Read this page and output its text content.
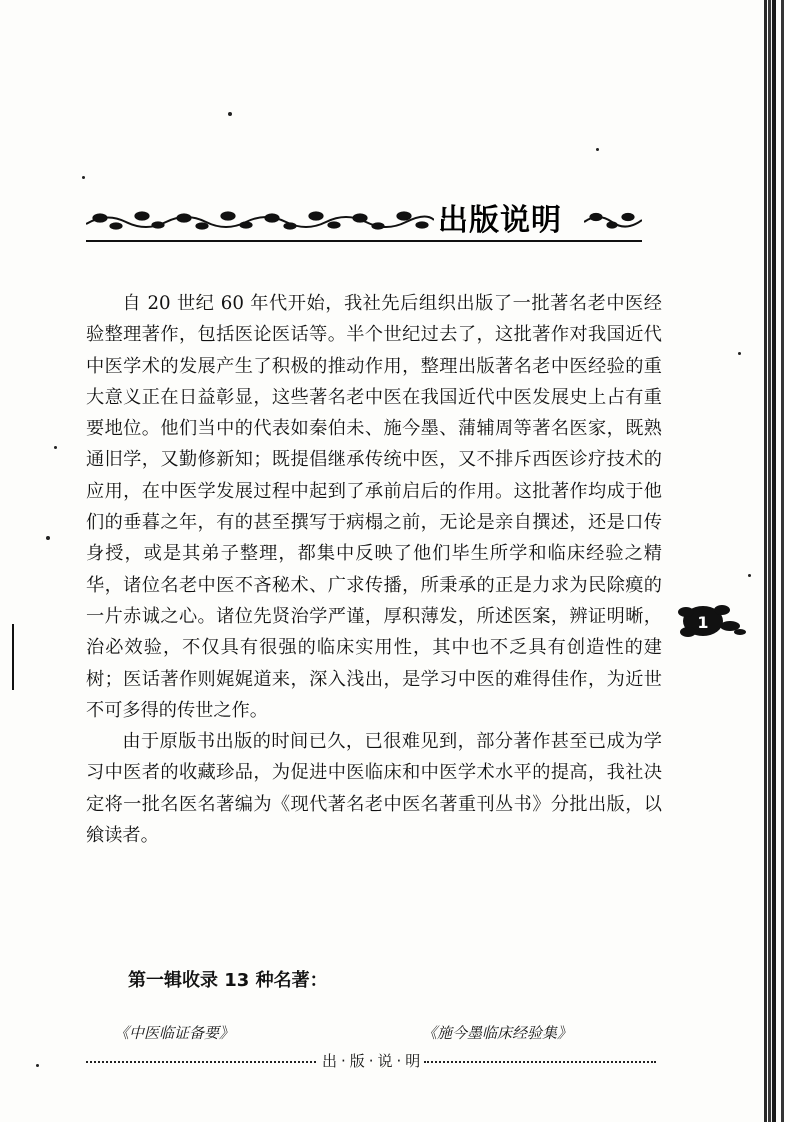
出版说明

自 20 世纪 60 年代开始，我社先后组织出版了一批著名老中医经验整理著作，包括医论医话等。半个世纪过去了，这批著作对我国近代中医学术的发展产生了积极的推动作用，整理出版著名老中医经验的重大意义正在日益彰显，这些著名老中医在我国近代中医发展史上占有重要地位。他们当中的代表如秦伯未、施今墨、蒲辅周等著名医家，既熟通旧学，又勤修新知；既提倡继承传统中医，又不排斥西医诊疗技术的应用，在中医学发展过程中起到了承前启后的作用。这批著作均成于他们的垂暮之年，有的甚至撰写于病榻之前，无论是亲自撰述，还是口传身授，或是其弟子整理，都集中反映了他们毕生所学和临床经验之精华，诸位名老中医不吝秘术、广求传播，所秉承的正是力求为民除瘼的一片赤诚之心。诸位先贤治学严谨，厚积薄发，所述医案，辨证明晰，治必效验，不仅具有很强的临床实用性，其中也不乏具有创造性的建树；医话著作则娓娓道来，深入浅出，是学习中医的难得佳作，为近世不可多得的传世之作。

由于原版书出版的时间已久，已很难见到，部分著作甚至已成为学习中医者的收藏珍品，为促进中医临床和中医学术水平的提高，我社决定将一批名医名著编为《现代著名老中医名著重刊丛书》分批出版，以飨读者。

第一辑收录 13 种名著：
《中医临证备要》	《施今墨临床经验集》
出·版·说·明
1
